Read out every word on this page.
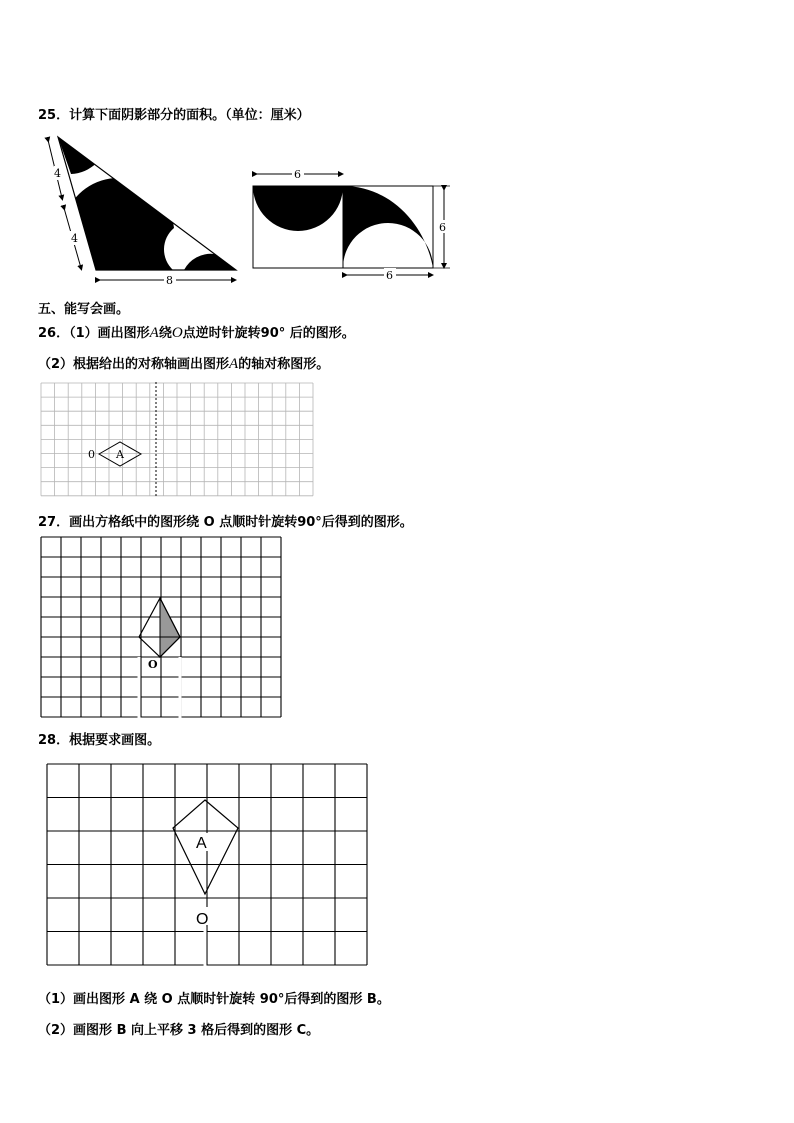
25．计算下面阴影部分的面积。（单位：厘米）
4
4
8
6
6
6
五、能写会画。
26．（1）画出图形A绕O点逆时针旋转90° 后的图形。
（2）根据给出的对称轴画出图形A的轴对称图形。
0 A
27．画出方格纸中的图形绕 O 点顺时针旋转90°后得到的图形。
O
28．根据要求画图。
A
O
（1）画出图形 A 绕 O 点顺时针旋转 90°后得到的图形 B。
（2）画图形 B 向上平移 3 格后得到的图形 C。
